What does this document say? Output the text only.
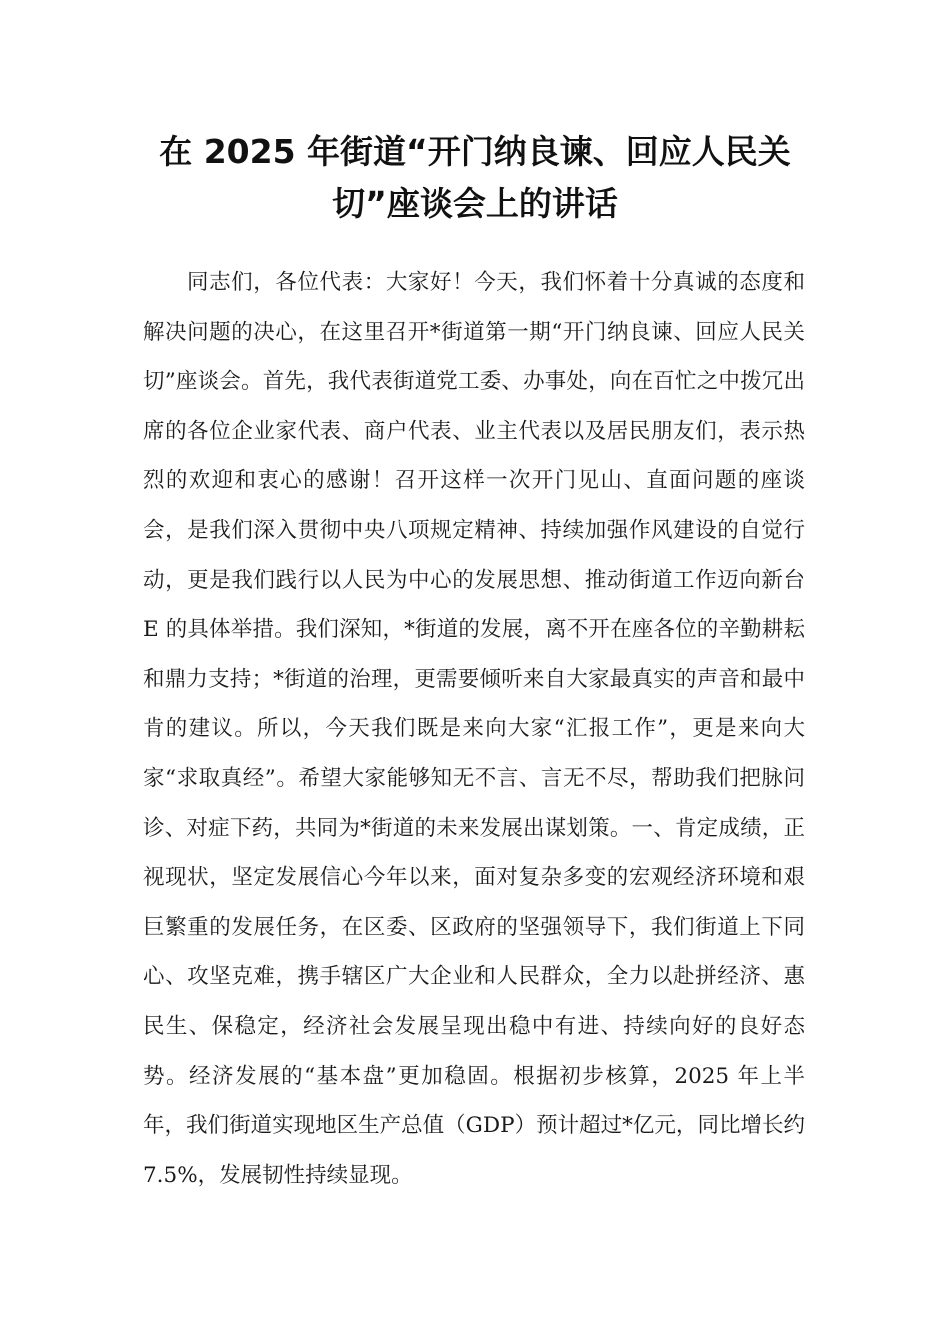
在 2025 年街道“开门纳良谏、回应人民关切”座谈会上的讲话

同志们，各位代表：大家好！今天，我们怀着十分真诚的态度和解决问题的决心，在这里召开*街道第一期“开门纳良谏、回应人民关切”座谈会。首先，我代表街道党工委、办事处，向在百忙之中拨冗出席的各位企业家代表、商户代表、业主代表以及居民朋友们，表示热烈的欢迎和衷心的感谢！召开这样一次开门见山、直面问题的座谈会，是我们深入贯彻中央八项规定精神、持续加强作风建设的自觉行动，更是我们践行以人民为中心的发展思想、推动街道工作迈向新台 E 的具体举措。我们深知，*街道的发展，离不开在座各位的辛勤耕耘和鼎力支持；*街道的治理，更需要倾听来自大家最真实的声音和最中肯的建议。所以，今天我们既是来向大家“汇报工作”，更是来向大家“求取真经”。希望大家能够知无不言、言无不尽，帮助我们把脉问诊、对症下药，共同为*街道的未来发展出谋划策。一、肯定成绩，正视现状，坚定发展信心今年以来，面对复杂多变的宏观经济环境和艰巨繁重的发展任务，在区委、区政府的坚强领导下，我们街道上下同心、攻坚克难，携手辖区广大企业和人民群众，全力以赴拼经济、惠民生、保稳定，经济社会发展呈现出稳中有进、持续向好的良好态势。经济发展的“基本盘”更加稳固。根据初步核算，2025 年上半年，我们街道实现地区生产总值（GDP）预计超过*亿元，同比增长约 7.5%，发展韧性持续显现。
